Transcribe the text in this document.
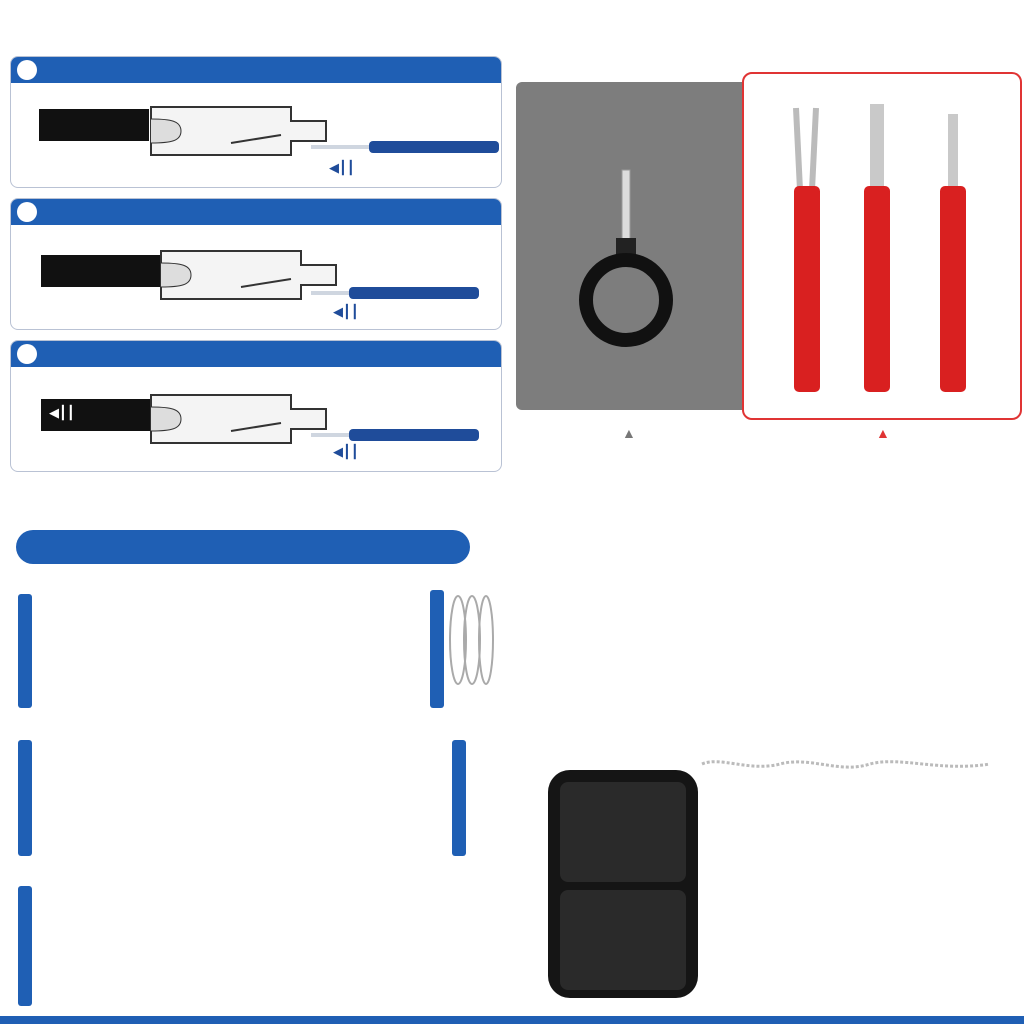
◀┃┃
◀┃┃
◀┃┃
◀┃┃
▲	▲
